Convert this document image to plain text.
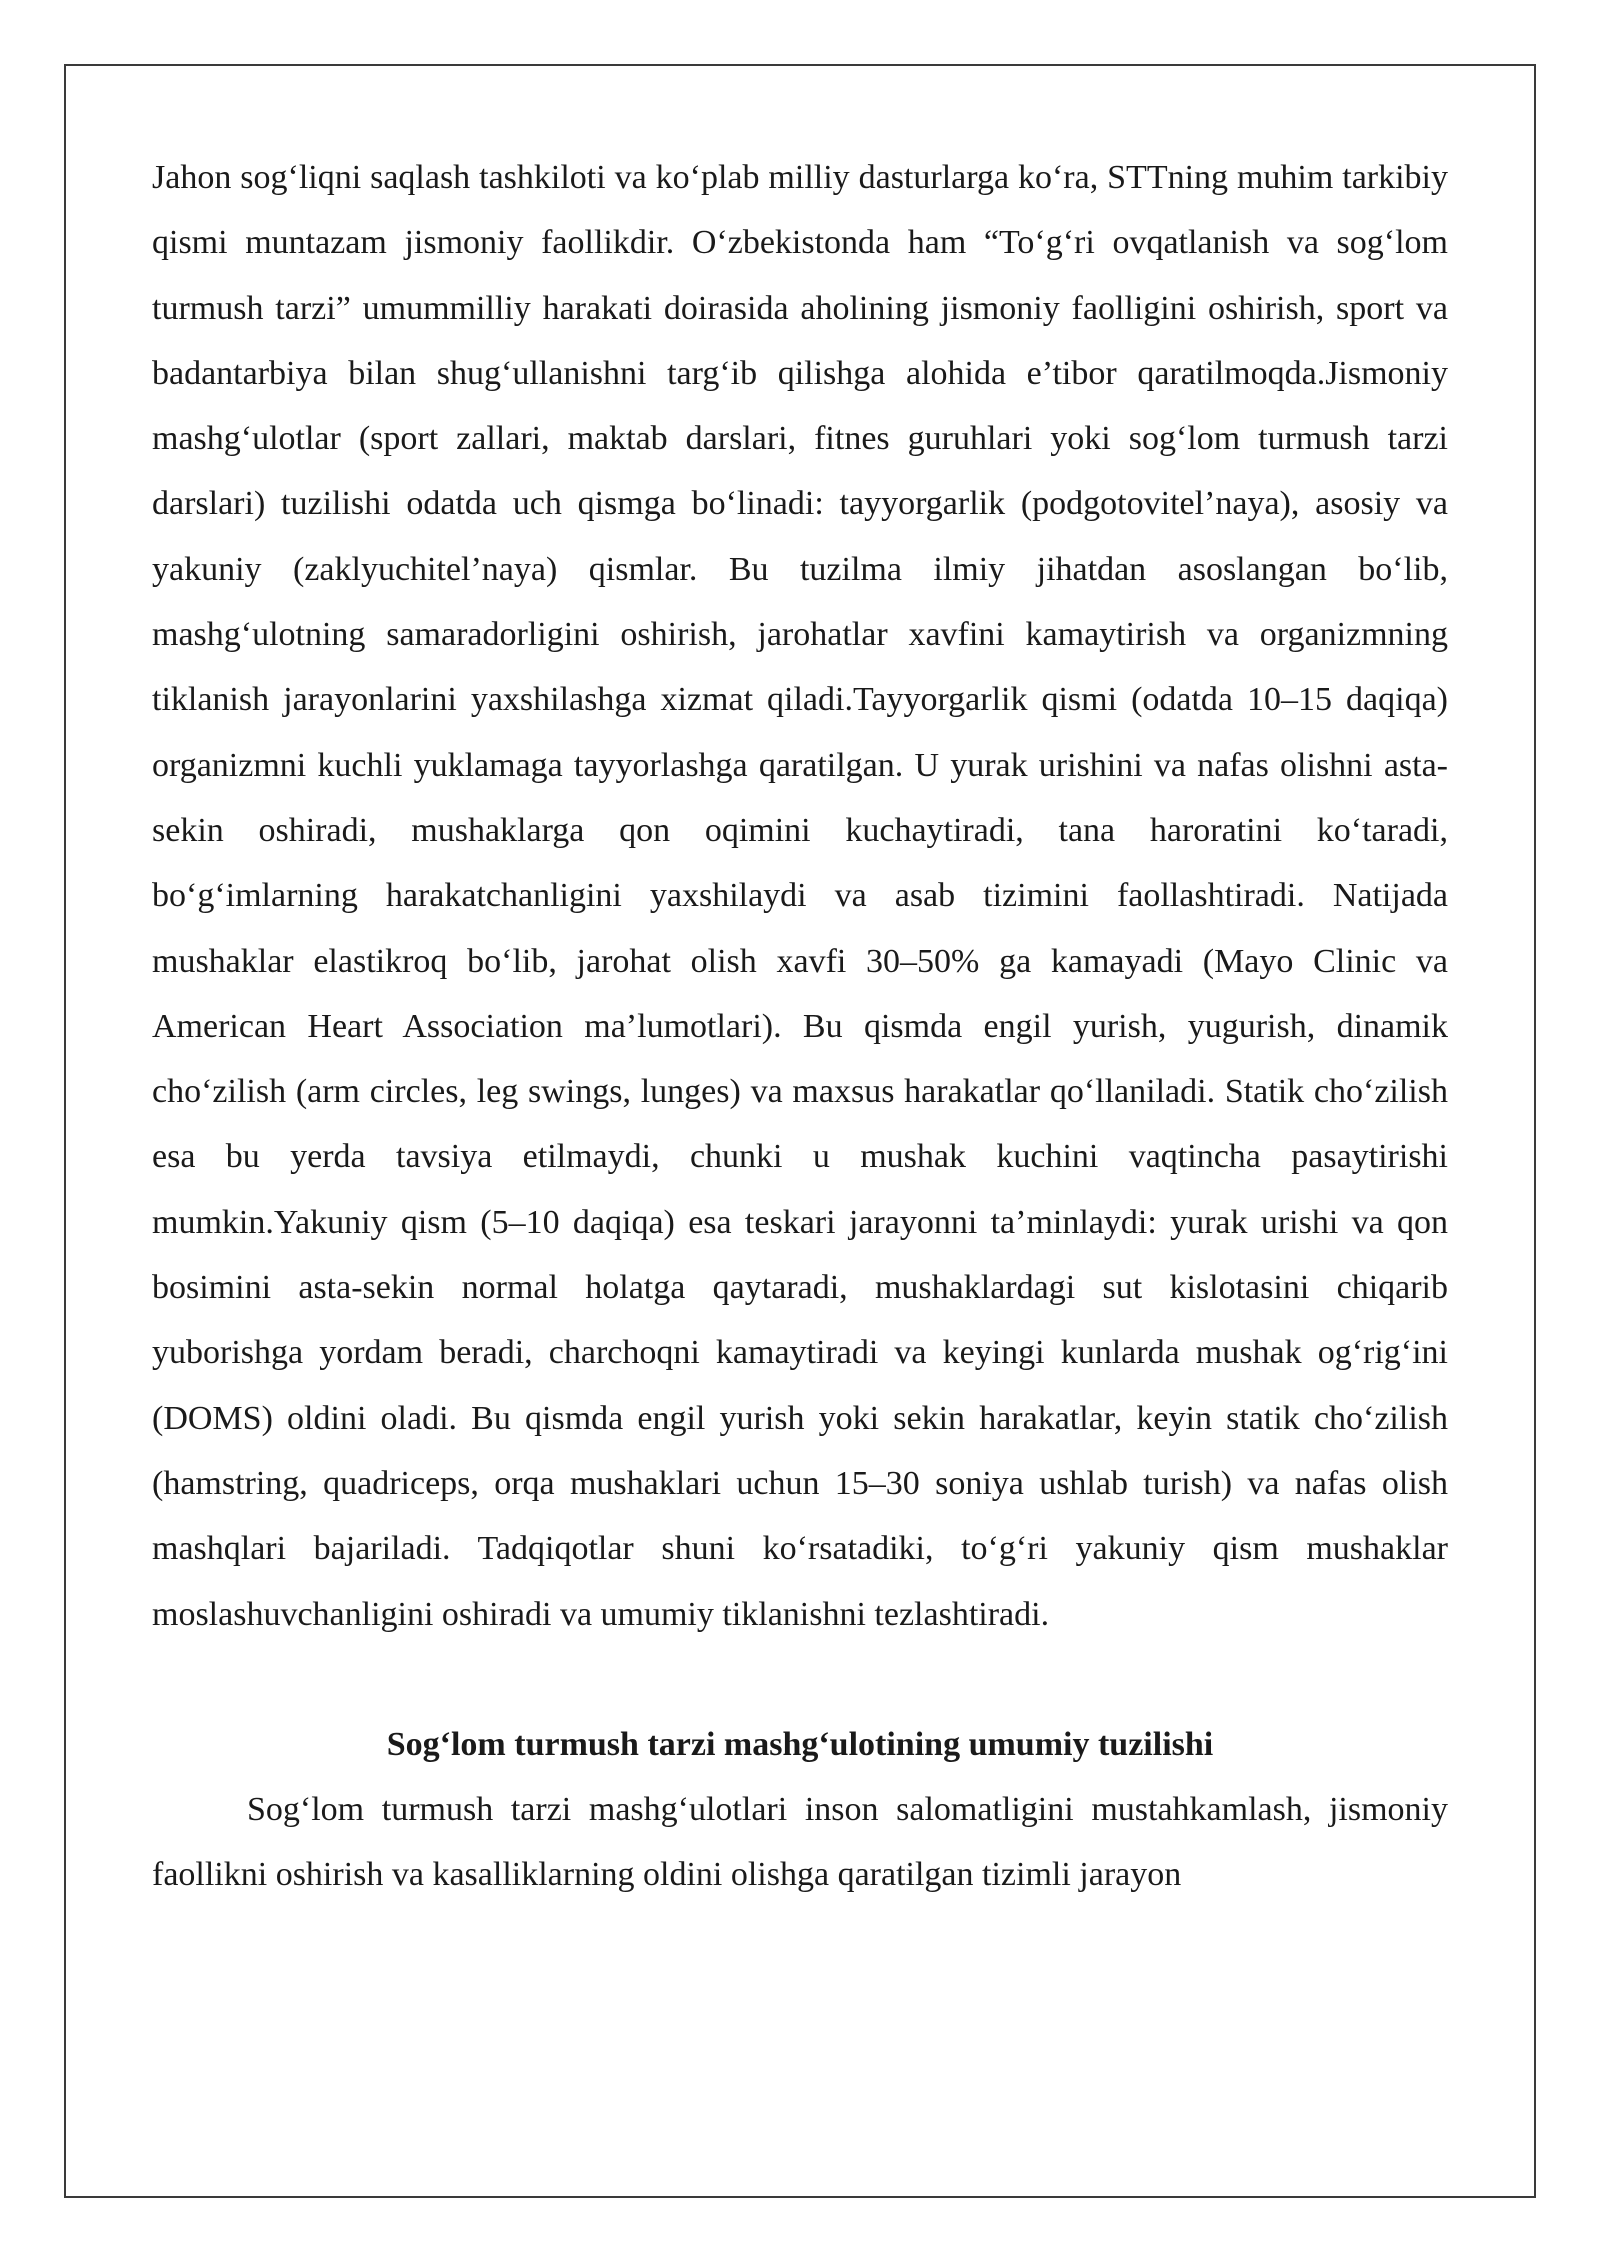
Jahon sog‘liqni saqlash tashkiloti va ko‘plab milliy dasturlarga ko‘ra, STTning muhim tarkibiy qismi muntazam jismoniy faollikdir. O‘zbekistonda ham “To‘g‘ri ovqatlanish va sog‘lom turmush tarzi” umummilliy harakati doirasida aholining jismoniy faolligini oshirish, sport va badantarbiya bilan shug‘ullanishni targ‘ib qilishga alohida e’tibor qaratilmoqda.Jismoniy mashg‘ulotlar (sport zallari, maktab darslari, fitnes guruhlari yoki sog‘lom turmush tarzi darslari) tuzilishi odatda uch qismga bo‘linadi: tayyorgarlik (podgotovitel’naya), asosiy va yakuniy (zaklyuchitel’naya) qismlar. Bu tuzilma ilmiy jihatdan asoslangan bo‘lib, mashg‘ulotning samaradorligini oshirish, jarohatlar xavfini kamaytirish va organizmning tiklanish jarayonlarini yaxshilashga xizmat qiladi.Tayyorgarlik qismi (odatda 10–15 daqiqa) organizmni kuchli yuklamaga tayyorlashga qaratilgan. U yurak urishini va nafas olishni asta-sekin oshiradi, mushaklarga qon oqimini kuchaytiradi, tana haroratini ko‘taradi, bo‘g‘imlarning harakatchanligini yaxshilaydi va asab tizimini faollashtiradi. Natijada mushaklar elastikroq bo‘lib, jarohat olish xavfi 30–50% ga kamayadi (Mayo Clinic va American Heart Association ma’lumotlari). Bu qismda engil yurish, yugurish, dinamik cho‘zilish (arm circles, leg swings, lunges) va maxsus harakatlar qo‘llaniladi. Statik cho‘zilish esa bu yerda tavsiya etilmaydi, chunki u mushak kuchini vaqtincha pasaytirishi mumkin.Yakuniy qism (5–10 daqiqa) esa teskari jarayonni ta’minlaydi: yurak urishi va qon bosimini asta-sekin normal holatga qaytaradi, mushaklardagi sut kislotasini chiqarib yuborishga yordam beradi, charchoqni kamaytiradi va keyingi kunlarda mushak og‘rig‘ini (DOMS) oldini oladi. Bu qismda engil yurish yoki sekin harakatlar, keyin statik cho‘zilish (hamstring, quadriceps, orqa mushaklari uchun 15–30 soniya ushlab turish) va nafas olish mashqlari bajariladi. Tadqiqotlar shuni ko‘rsatadiki, to‘g‘ri yakuniy qism mushaklar moslashuvchanligini oshiradi va umumiy tiklanishni tezlashtiradi.

Sog‘lom turmush tarzi mashg‘ulotining umumiy tuzilishi

Sog‘lom turmush tarzi mashg‘ulotlari inson salomatligini mustahkamlash, jismoniy faollikni oshirish va kasalliklarning oldini olishga qaratilgan tizimli jarayon
